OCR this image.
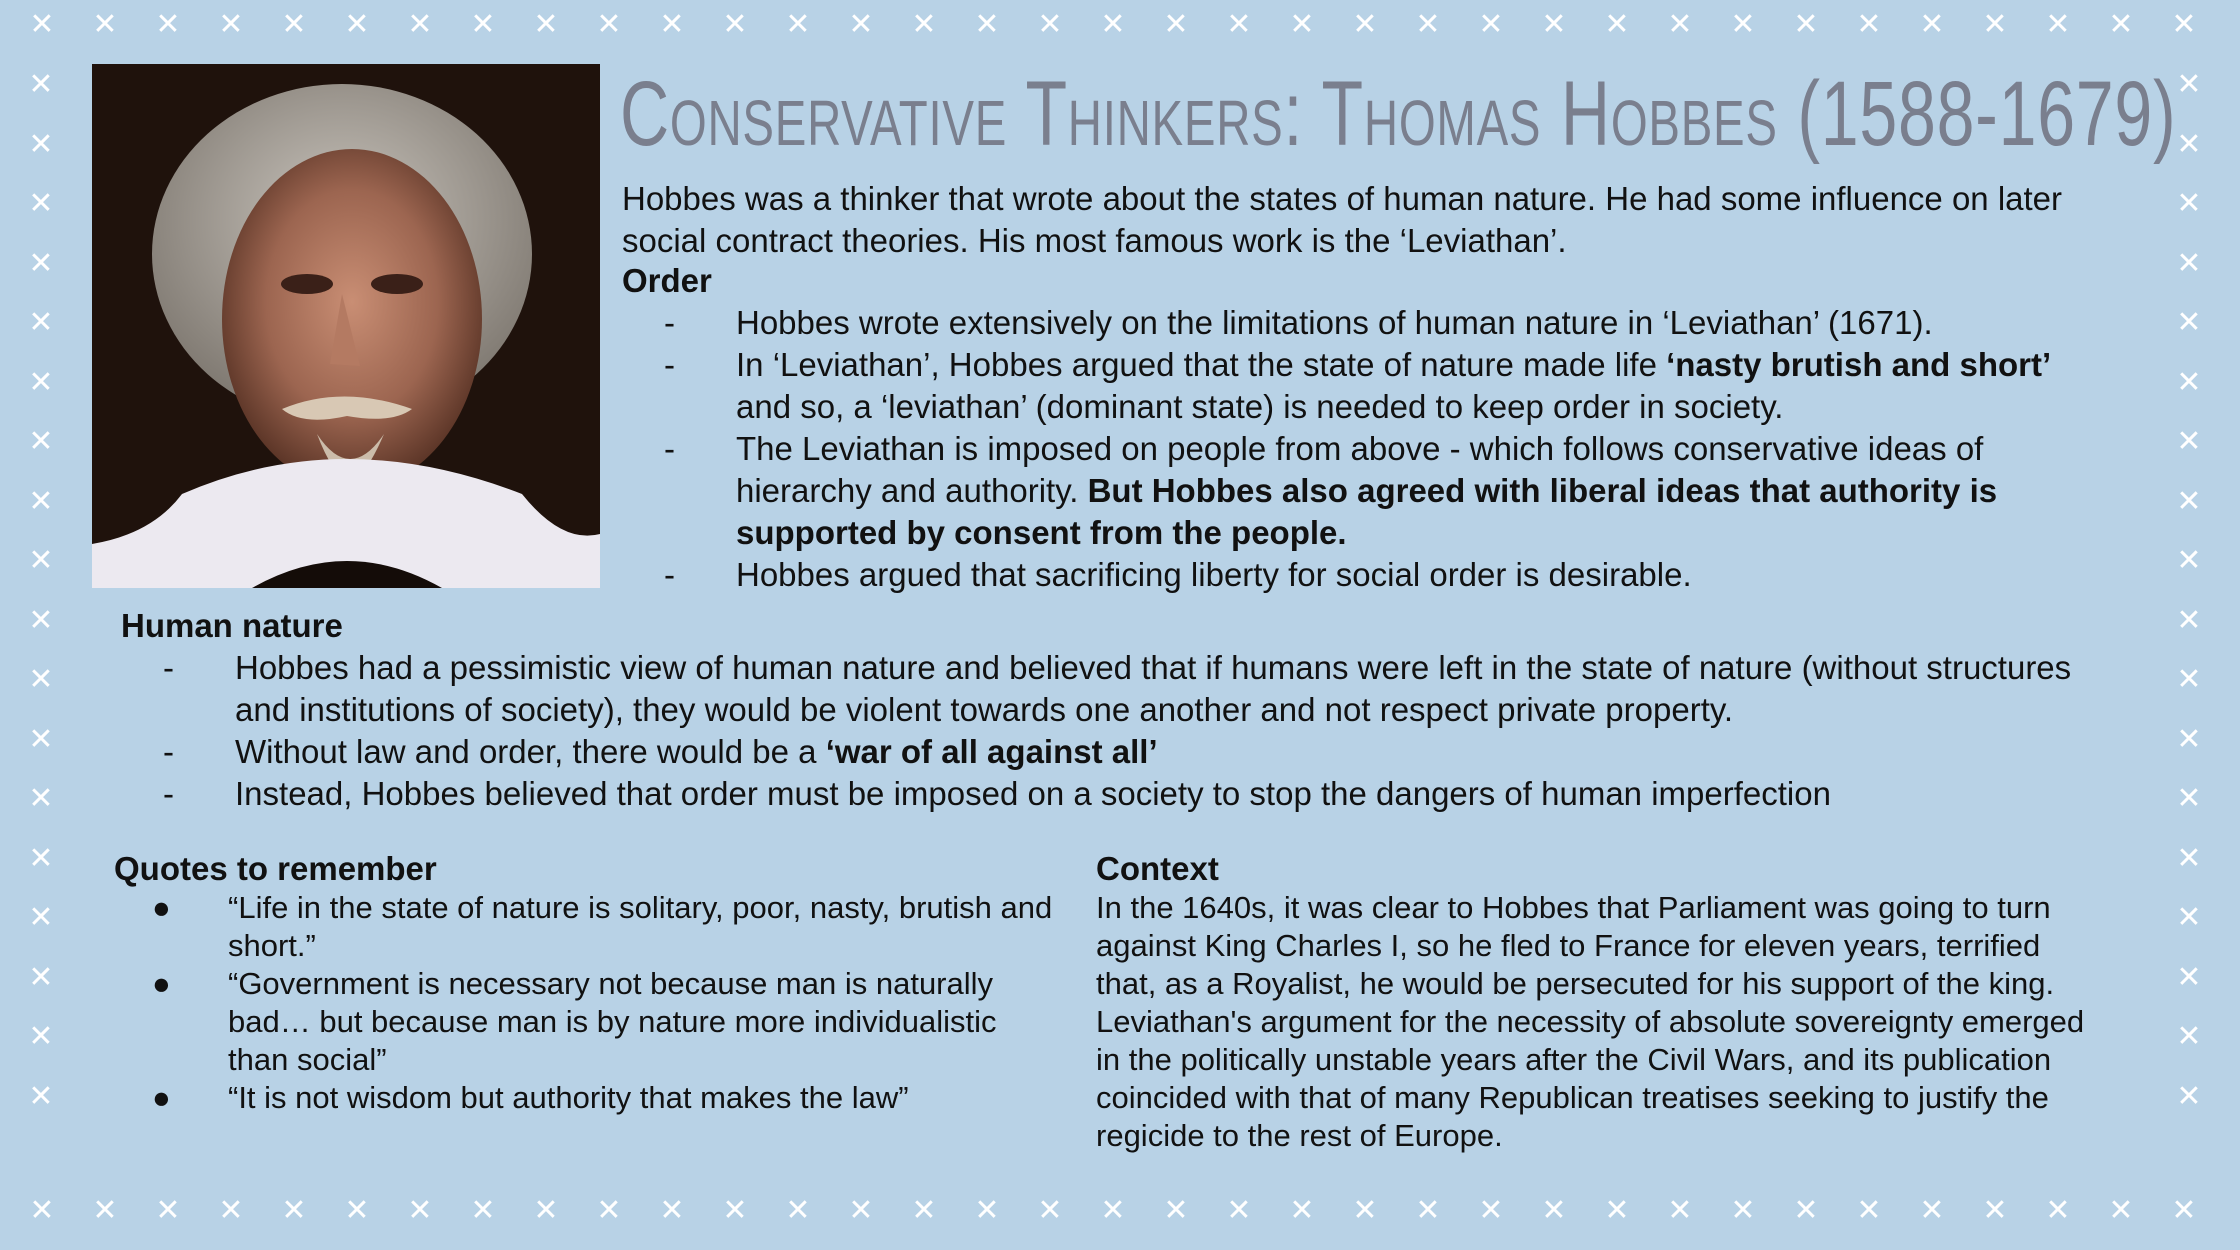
✕
✕
✕
✕
✕
✕
✕
✕
✕
✕
✕
✕
✕
✕
✕
✕
✕
✕
✕
✕
✕
✕
✕
✕
✕
✕
✕
✕
✕
✕
✕
✕
✕
✕
✕
✕
✕
✕
✕
✕
✕
✕
✕
✕
✕
✕
✕
✕
✕
✕
✕
✕
✕
✕
✕
✕
✕
✕
✕
✕
✕
✕
✕
✕
✕
✕
✕
✕
✕
✕
✕	✕
✕	✕
✕	✕
✕	✕
✕	✕
✕	✕
✕	✕
✕	✕
✕	✕
✕	✕
✕	✕
✕	✕
✕	✕
✕	✕
✕	✕
✕	✕
✕	✕
✕	✕
Conservative Thinkers: Thomas Hobbes (1588-1679)
Hobbes was a thinker that wrote about the states of human nature. He had some influence on later social contract theories. His most famous work is the ‘Leviathan’.
Order
- Hobbes wrote extensively on the limitations of human nature in ‘Leviathan’ (1671).
- In ‘Leviathan’, Hobbes argued that the state of nature made life ‘nasty brutish and short’ and so, a ‘leviathan’ (dominant state) is needed to keep order in society.
- The Leviathan is imposed on people from above - which follows conservative ideas of hierarchy and authority. But Hobbes also agreed with liberal ideas that authority is supported by consent from the people.
- Hobbes argued that sacrificing liberty for social order is desirable.
Human nature
- Hobbes had a pessimistic view of human nature and believed that if humans were left in the state of nature (without structures and institutions of society), they would be violent towards one another and not respect private property.
- Without law and order, there would be a ‘war of all against all’
- Instead, Hobbes believed that order must be imposed on a society to stop the dangers of human imperfection
Quotes to remember
● “Life in the state of nature is solitary, poor, nasty, brutish and short.”
● “Government is necessary not because man is naturally bad… but because man is by nature more individualistic than social”
● “It is not wisdom but authority that makes the law”
Context
In the 1640s, it was clear to Hobbes that Parliament was going to turn against King Charles I, so he fled to France for eleven years, terrified that, as a Royalist, he would be persecuted for his support of the king. Leviathan's argument for the necessity of absolute sovereignty emerged in the politically unstable years after the Civil Wars, and its publication coincided with that of many Republican treatises seeking to justify the regicide to the rest of Europe.
